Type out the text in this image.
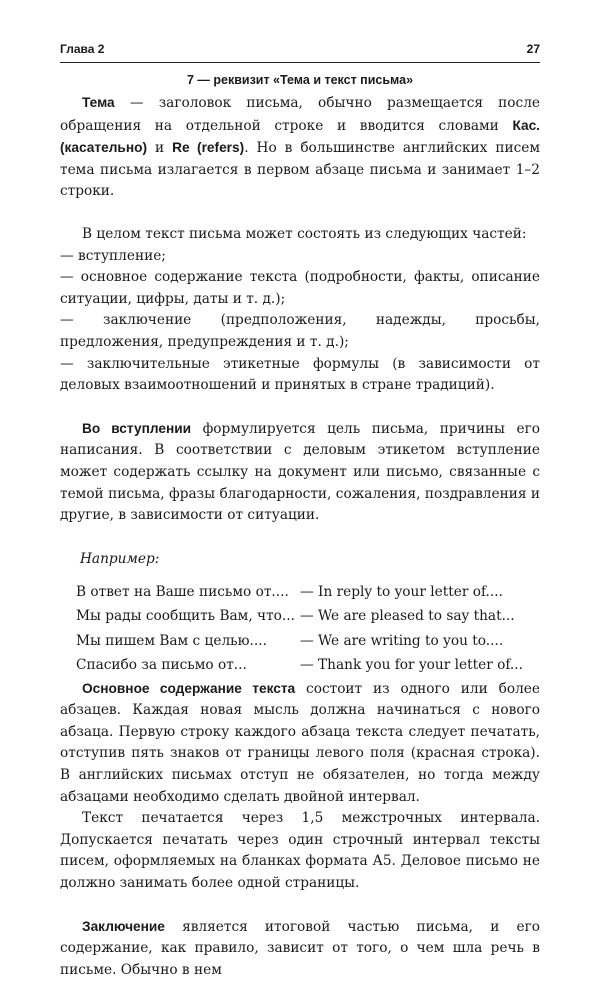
Глава 2	27
7 — реквизит «Тема и текст письма»

Тема — заголовок письма, обычно размещается после обращения на отдельной строке и вводится словами Кас. (касательно) и Re (refers). Но в большинстве английских писем тема письма излагается в первом абзаце письма и занимает 1–2 строки.

В целом текст письма может состоять из следующих частей:

— вступление;

— основное содержание текста (подробности, факты, описание ситуации, цифры, даты и т. д.);

— заключение (предположения, надежды, просьбы, предложения, предупреждения и т. д.);

— заключительные этикетные формулы (в зависимости от деловых взаимоотношений и принятых в стране традиций).

Во вступлении формулируется цель письма, причины его написания. В соответствии с деловым этикетом вступление может содержать ссылку на документ или письмо, связанные с темой письма, фразы благодарности, сожаления, поздравления и другие, в зависимости от ситуации.

Например:
В ответ на Ваше письмо от.... — In reply to your letter of....
Мы рады сообщить Вам, что... — We are pleased to say that...
Мы пишем Вам с целью....	— We are writing to you to....
Спасибо за письмо от...	— Thank you for your letter of...

Основное содержание текста состоит из одного или более абзацев. Каждая новая мысль должна начинаться с нового абзаца. Первую строку каждого абзаца текста следует печатать, отступив пять знаков от границы левого поля (красная строка). В английских письмах отступ не обязателен, но тогда между абзацами необходимо сделать двойной интервал.

Текст печатается через 1,5 межстрочных интервала. Допускается печатать через один строчный интервал тексты писем, оформляемых на бланках формата А5. Деловое письмо не должно занимать более одной страницы.

Заключение является итоговой частью письма, и его содержание, как правило, зависит от того, о чем шла речь в письме. Обычно в нем
